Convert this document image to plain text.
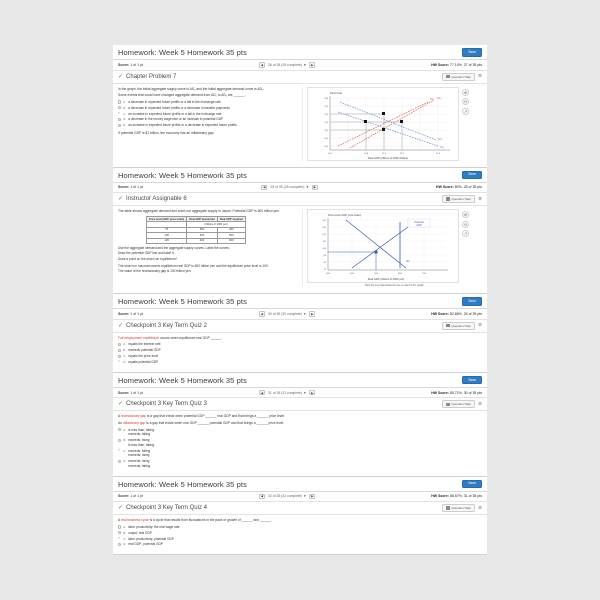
Homework: Week 5 Homework 35 pts	Save
Score: 1 of 1 pt	◀	26 of 35 (28 complete) ▼	▶	HW Score: 77.14%, 27 of 35 pts
✓ Chapter Problem 7	Question Help ⚙
In the graph, the initial aggregate supply curve is AS₀ and the initial aggregate demand curve is AD₀.
Some events that could have changed aggregate demand from AD₀ to AD₁ are ______.
A. a decrease in expected future profits or a fall in the exchange rate
B. a decrease in expected future profits or a decrease in transfer payments
✓
C. an increase in expected future profits or a fall in the exchange rate
D. a decrease in the money wage rate or an increase in potential GDP
E. an increase in expected future profits or a decrease in expected future profits
If potential GDP is $1 trillion, the economy has an inflationary gap.
Price level
130
125
120
115
110
105
100
10.1	10.8	11.0	11.2	11.6
AS₁ AS₀
AD₀
AD₁
Real GDP (trillions of 2000 dollars)
⊕
⊖
↗
Homework: Week 5 Homework 35 pts	Save
Score: 1 of 1 pt	◀	29 of 35 (28 complete) ▼	▶	HW Score: 80%, 28 of 35 pts
✓ Instructor Assignable 6	Question Help ⚙
The table shows aggregate demand and short-run aggregate supply in Japan. Potential GDP is 600 trillion yen.
Price level (GDP price index)	Real GDP demanded	Real GDP supplied
	(trillions of 2000 yen)	
75	600	400
100	500	500
125	400	600
Use the aggregate demand and the aggregate supply curves. Label the curves.
Draw the potential GDP line and label it.
Does a point on the short-run equilibrium?
The short run macroeconomic equilibrium real GDP is 500 trillion yen and the equilibrium price level is 100.
The value of the recessionary gap is 100 trillion yen.
Price level (GDP price index)
145
135
125
115
105
95
85
75
300	400	500	600	700
Potential
GDP
AD
Real GDP (trillions of 2000 yen)
⊕
⊖
↗
Click the icon that draws the line or point in the graph.
Homework: Week 5 Homework 35 pts	Save
Score: 1 of 1 pt	◀	30 of 35 (30 complete) ▼	▶	HW Score: 82.86%, 29 of 35 pts
✓ Checkpoint 3 Key Term Quiz 2	Question Help ⚙
Full employment equilibrium occurs when equilibrium real GDP ______.
A. equals the interest rate
B. exceeds potential GDP
C. equals the price level
✓
D. equals potential GDP
Homework: Week 5 Homework 35 pts	Save
Score: 1 of 1 pt	◀	31 of 35 (31 complete) ▼	▶	HW Score: 85.71%, 30 of 35 pts
✓ Checkpoint 3 Key Term Quiz 3	Question Help ⚙
A recessionary gap is a gap that exists when potential GDP ______ real GDP and that brings a ______ price level.
An inflationary gap is a gap that exists when real GDP ______ potential GDP and that brings a ______ price level.
A. is less than; falling
exceeds; falling
B. exceeds; rising
is less than; falling
✓
C. exceeds; falling
exceeds; rising
D. exceeds; rising
exceeds; falling
Homework: Week 5 Homework 35 pts	Save
Score: 1 of 1 pt	◀	32 of 35 (32 complete) ▼	▶	HW Score: 88.57%, 31 of 35 pts
✓ Checkpoint 3 Key Term Quiz 4	Question Help ⚙
A real business cycle is a cycle that results from fluctuations in the pace of growth of ______ and ______.
A. labor productivity; the real wage rate
B. output; real GDP
✓
C. labor productivity; potential GDP
D. real GDP; potential GDP
